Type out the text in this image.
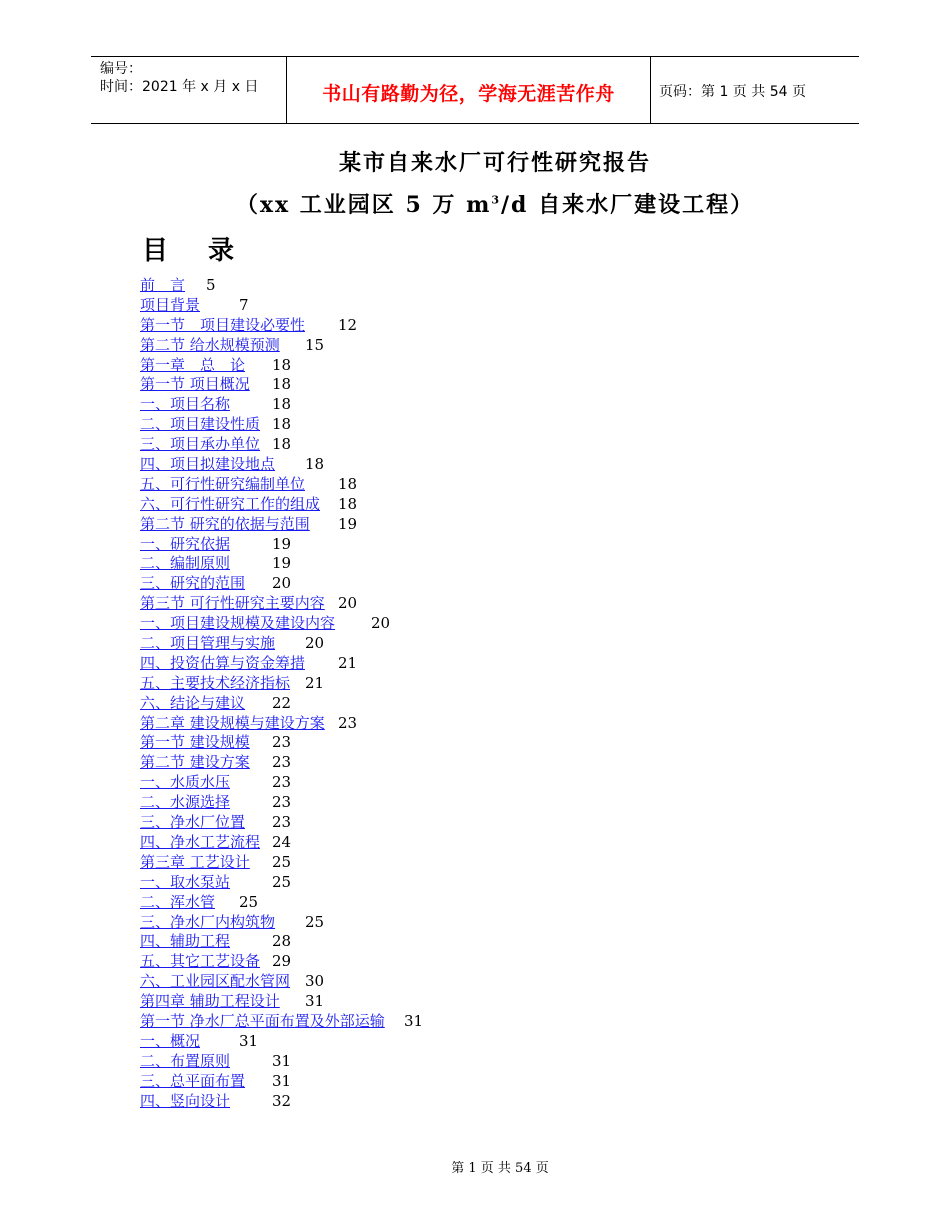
编号：
时间：2021 年 x 月 x 日	书山有路勤为径，学海无涯苦作舟	页码：第 1 页 共 54 页
某市自来水厂可行性研究报告
（xx 工业园区 5 万 $m^3/d$ 自来水厂建设工程）
目录
前　言 5
项目背景	7
第一节　项目建设必要性 12
第二节 给水规模预测 15
第一章　总　论 18
第一节 项目概况 18
一、项目名称	18
二、项目建设性质 18
三、项目承办单位 18
四、项目拟建设地点 18
五、可行性研究编制单位 18
六、可行性研究工作的组成 18
第二节 研究的依据与范围 19
一、研究依据	19
二、编制原则	19
三、研究的范围 20
第三节 可行性研究主要内容 20
一、项目建设规模及建设内容 20
二、项目管理与实施 20
四、投资估算与资金筹措 21
五、主要技术经济指标 21
六、结论与建议 22
第二章 建设规模与建设方案 23
第一节 建设规模 23
第二节 建设方案 23
一、水质水压	23
二、水源选择	23
三、净水厂位置 23
四、净水工艺流程 24
第三章 工艺设计 25
一、取水泵站	25
二、浑水管 25
三、净水厂内构筑物 25
四、辅助工程	28
五、其它工艺设备 29
六、工业园区配水管网 30
第四章 辅助工程设计 31
第一节 净水厂总平面布置及外部运输 31
一、概况	31
二、布置原则	31
三、总平面布置 31
四、竖向设计	32
第 1 页 共 54 页
